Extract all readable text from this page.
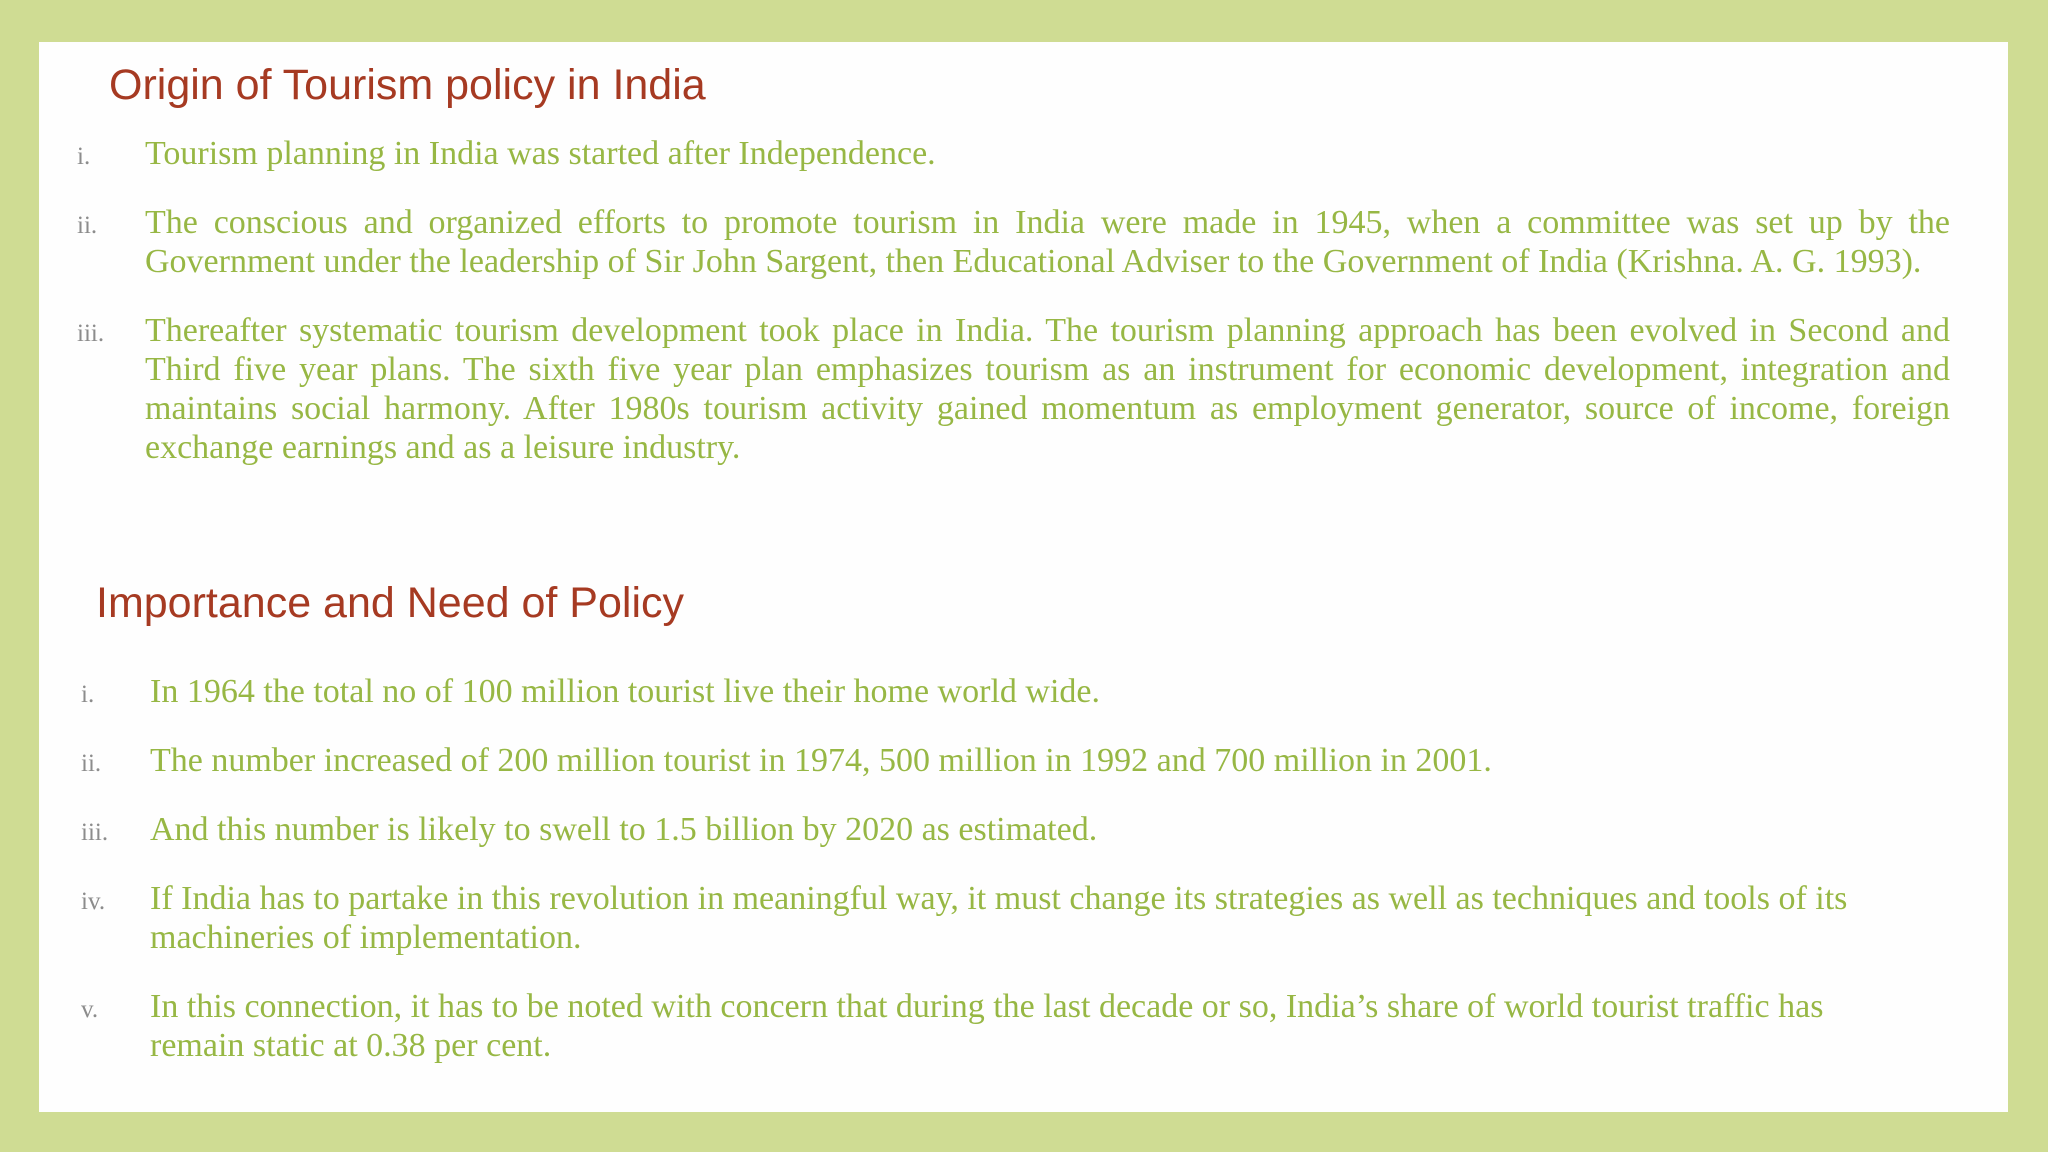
Origin of Tourism policy in India
i. Tourism planning in India was started after Independence.
ii. The conscious and organized efforts to promote tourism in India were made in 1945, when a committee was set up by the Government under the leadership of Sir John Sargent, then Educational Adviser to the Government of India (Krishna. A. G. 1993).
iii. Thereafter systematic tourism development took place in India. The tourism planning approach has been evolved in Second and Third five year plans. The sixth five year plan emphasizes tourism as an instrument for economic development, integration and maintains social harmony. After 1980s tourism activity gained momentum as employment generator, source of income, foreign exchange earnings and as a leisure industry.
Importance and Need of Policy
i. In 1964 the total no of 100 million tourist live their home world wide.
ii. The number increased of 200 million tourist in 1974, 500 million in 1992 and 700 million in 2001.
iii. And this number is likely to swell to 1.5 billion by 2020 as estimated.
iv. If India has to partake in this revolution in meaningful way, it must change its strategies as well as techniques and tools of its machineries of implementation.
v. In this connection, it has to be noted with concern that during the last decade or so, India’s share of world tourist traffic has remain static at 0.38 per cent.
